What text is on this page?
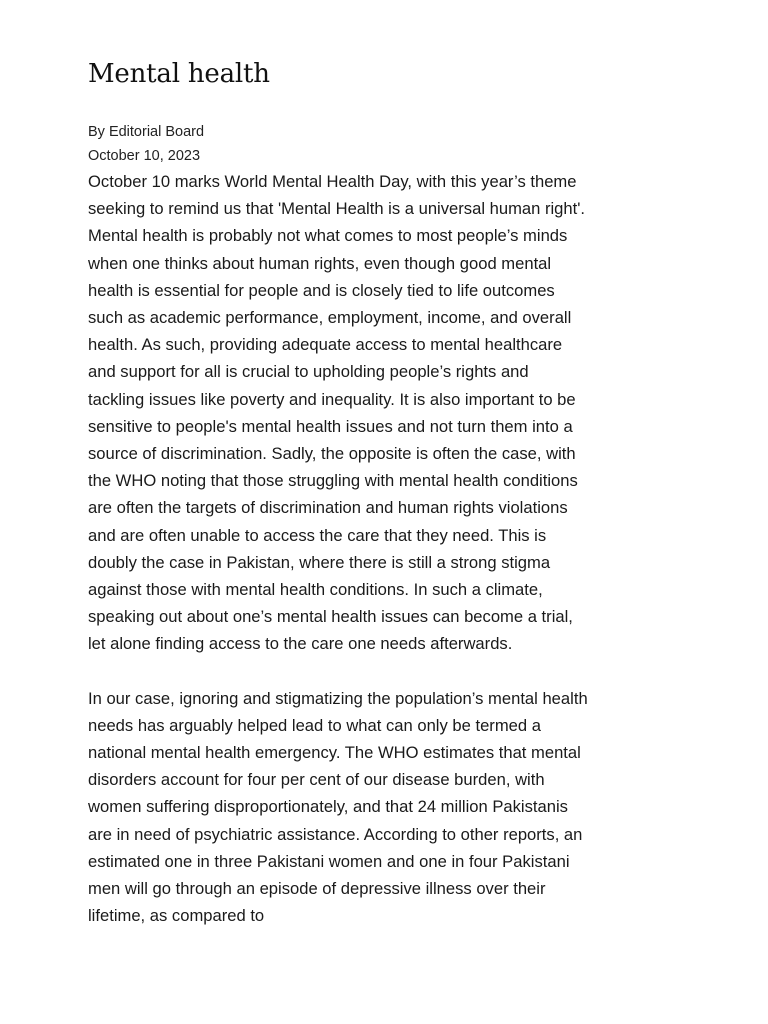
Mental health
By Editorial Board
October 10, 2023

October 10 marks World Mental Health Day, with this year’s theme seeking to remind us that 'Mental Health is a universal human right'. Mental health is probably not what comes to most people’s minds when one thinks about human rights, even though good mental health is essential for people and is closely tied to life outcomes such as academic performance, employment, income, and overall health. As such, providing adequate access to mental healthcare and support for all is crucial to upholding people’s rights and tackling issues like poverty and inequality. It is also important to be sensitive to people's mental health issues and not turn them into a source of discrimination. Sadly, the opposite is often the case, with the WHO noting that those struggling with mental health conditions are often the targets of discrimination and human rights violations and are often unable to access the care that they need. This is doubly the case in Pakistan, where there is still a strong stigma against those with mental health conditions. In such a climate, speaking out about one’s mental health issues can become a trial, let alone finding access to the care one needs afterwards.

In our case, ignoring and stigmatizing the population’s mental health needs has arguably helped lead to what can only be termed a national mental health emergency. The WHO estimates that mental disorders account for four per cent of our disease burden, with women suffering disproportionately, and that 24 million Pakistanis are in need of psychiatric assistance. According to other reports, an estimated one in three Pakistani women and one in four Pakistani men will go through an episode of depressive illness over their lifetime, as compared to
